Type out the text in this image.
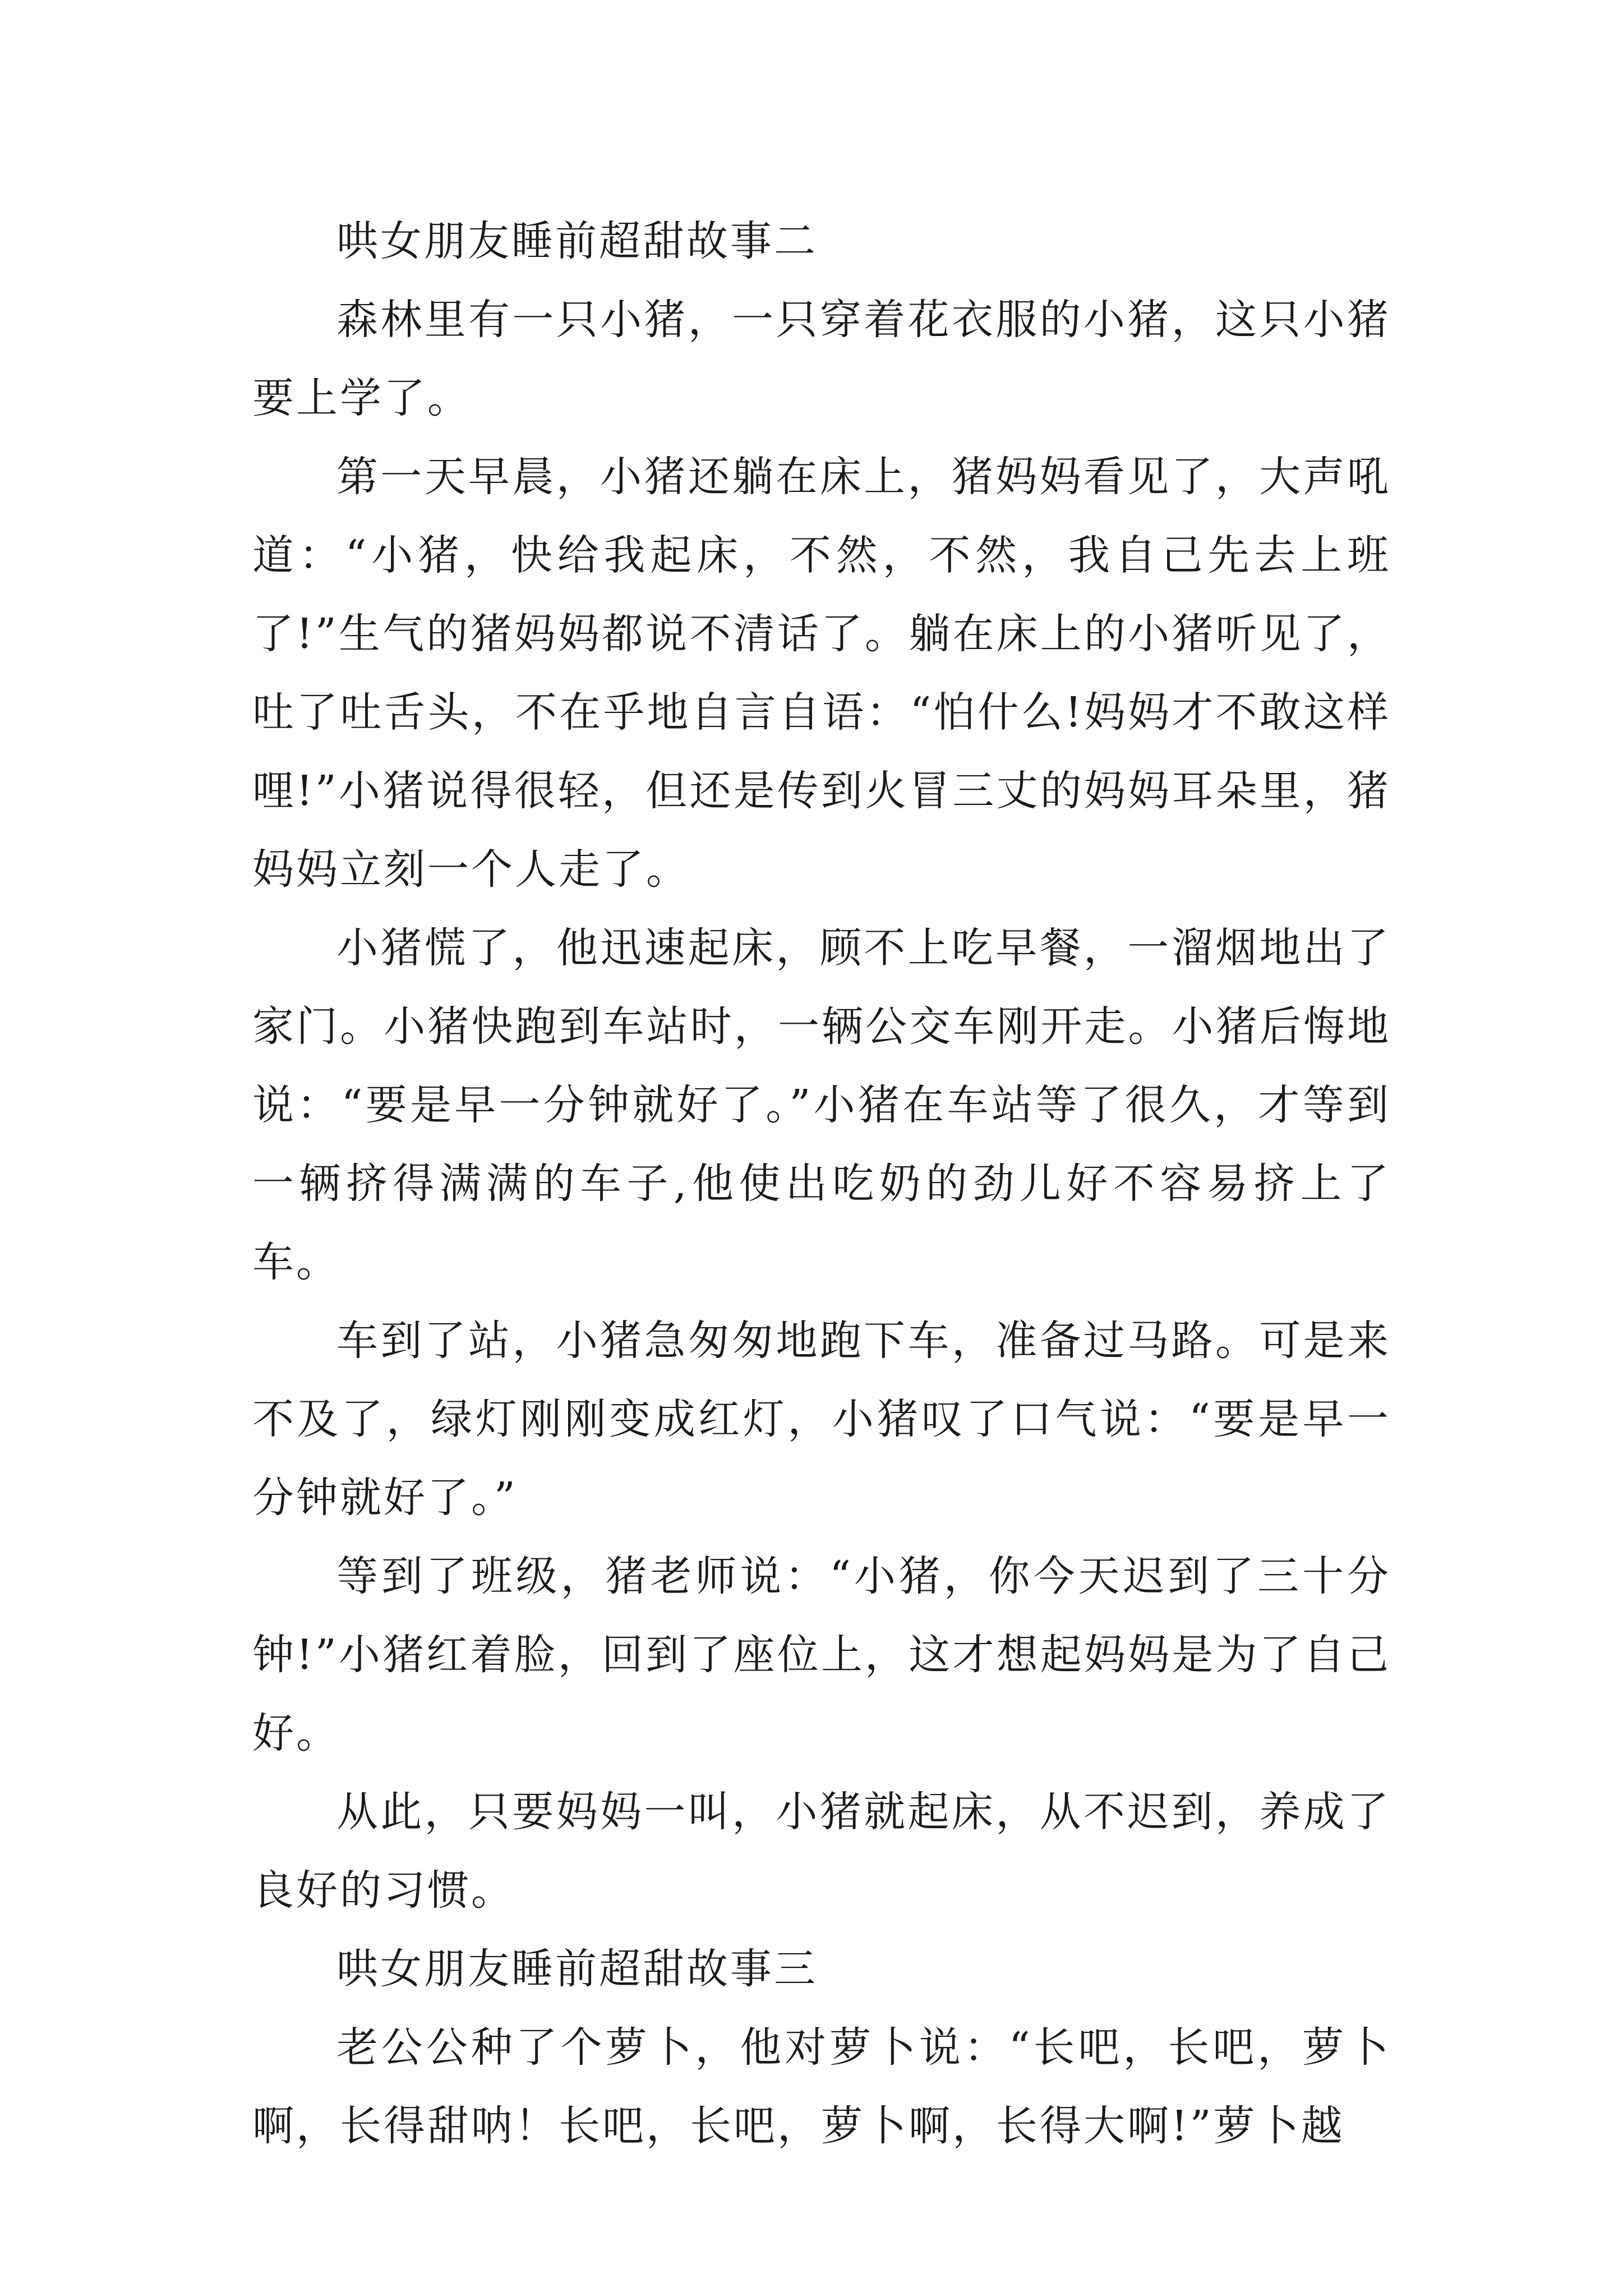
哄女朋友睡前超甜故事二

森林里有一只小猪，一只穿着花衣服的小猪，这只小猪要上学了。

第一天早晨，小猪还躺在床上，猪妈妈看见了，大声吼道：“小猪，快给我起床，不然，不然，我自己先去上班了!”生气的猪妈妈都说不清话了。躺在床上的小猪听见了，吐了吐舌头，不在乎地自言自语：“怕什么!妈妈才不敢这样哩!”小猪说得很轻，但还是传到火冒三丈的妈妈耳朵里，猪妈妈立刻一个人走了。

小猪慌了，他迅速起床，顾不上吃早餐，一溜烟地出了家门。小猪快跑到车站时，一辆公交车刚开走。小猪后悔地说：“要是早一分钟就好了。”小猪在车站等了很久，才等到一辆挤得满满的车子,他使出吃奶的劲儿好不容易挤上了车。

车到了站，小猪急匆匆地跑下车，准备过马路。可是来不及了，绿灯刚刚变成红灯，小猪叹了口气说：“要是早一分钟就好了。”

等到了班级，猪老师说：“小猪，你今天迟到了三十分钟!”小猪红着脸，回到了座位上，这才想起妈妈是为了自己好。

从此，只要妈妈一叫，小猪就起床，从不迟到，养成了良好的习惯。

哄女朋友睡前超甜故事三

老公公种了个萝卜，他对萝卜说：“长吧，长吧，萝卜啊，长得甜呐！长吧，长吧，萝卜啊，长得大啊!”萝卜越
